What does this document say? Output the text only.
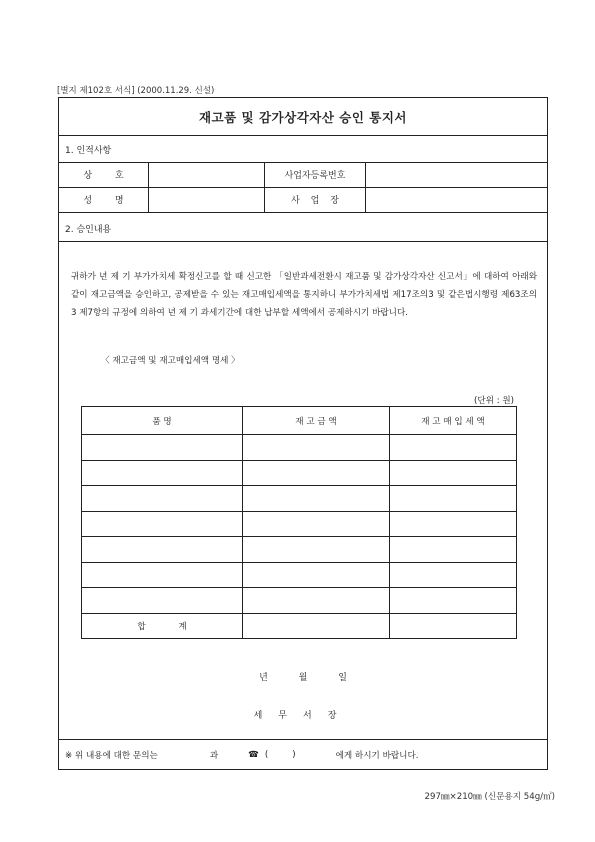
[별지 제102호 서식] (2000.11.29. 신설)
재고품 및 감가상각자산 승인 통지서
1. 인적사항
상 호	사업자등록번호
성 명	사 업 장
2. 승인내용
귀하가 년 제 기 부가가치세 확정신고를 할 때 신고한 「일반과세전환시 재고품 및 감가상각자산 신고서」에 대하여 아래와 같이 재고금액을 승인하고, 공제받을 수 있는 재고매입세액을 통지하니 부가가치세법 제17조의3 및 같은법시행령 제63조의3 제7항의 규정에 의하여 년 제 기 과세기간에 대한 납부할 세액에서 공제하시기 바랍니다.
〈 재고금액 및 재고매입세액 명세 〉
(단위 : 원)
품 명	재 고 금 액	재 고 매 입 세 액

합 계		
년 월 일
세무서장
※ 위 내용에 대한 문의는	과	☎ (	)	에게 하시기 바랍니다.
297㎜×210㎜ (신문용지 54g/㎡)
